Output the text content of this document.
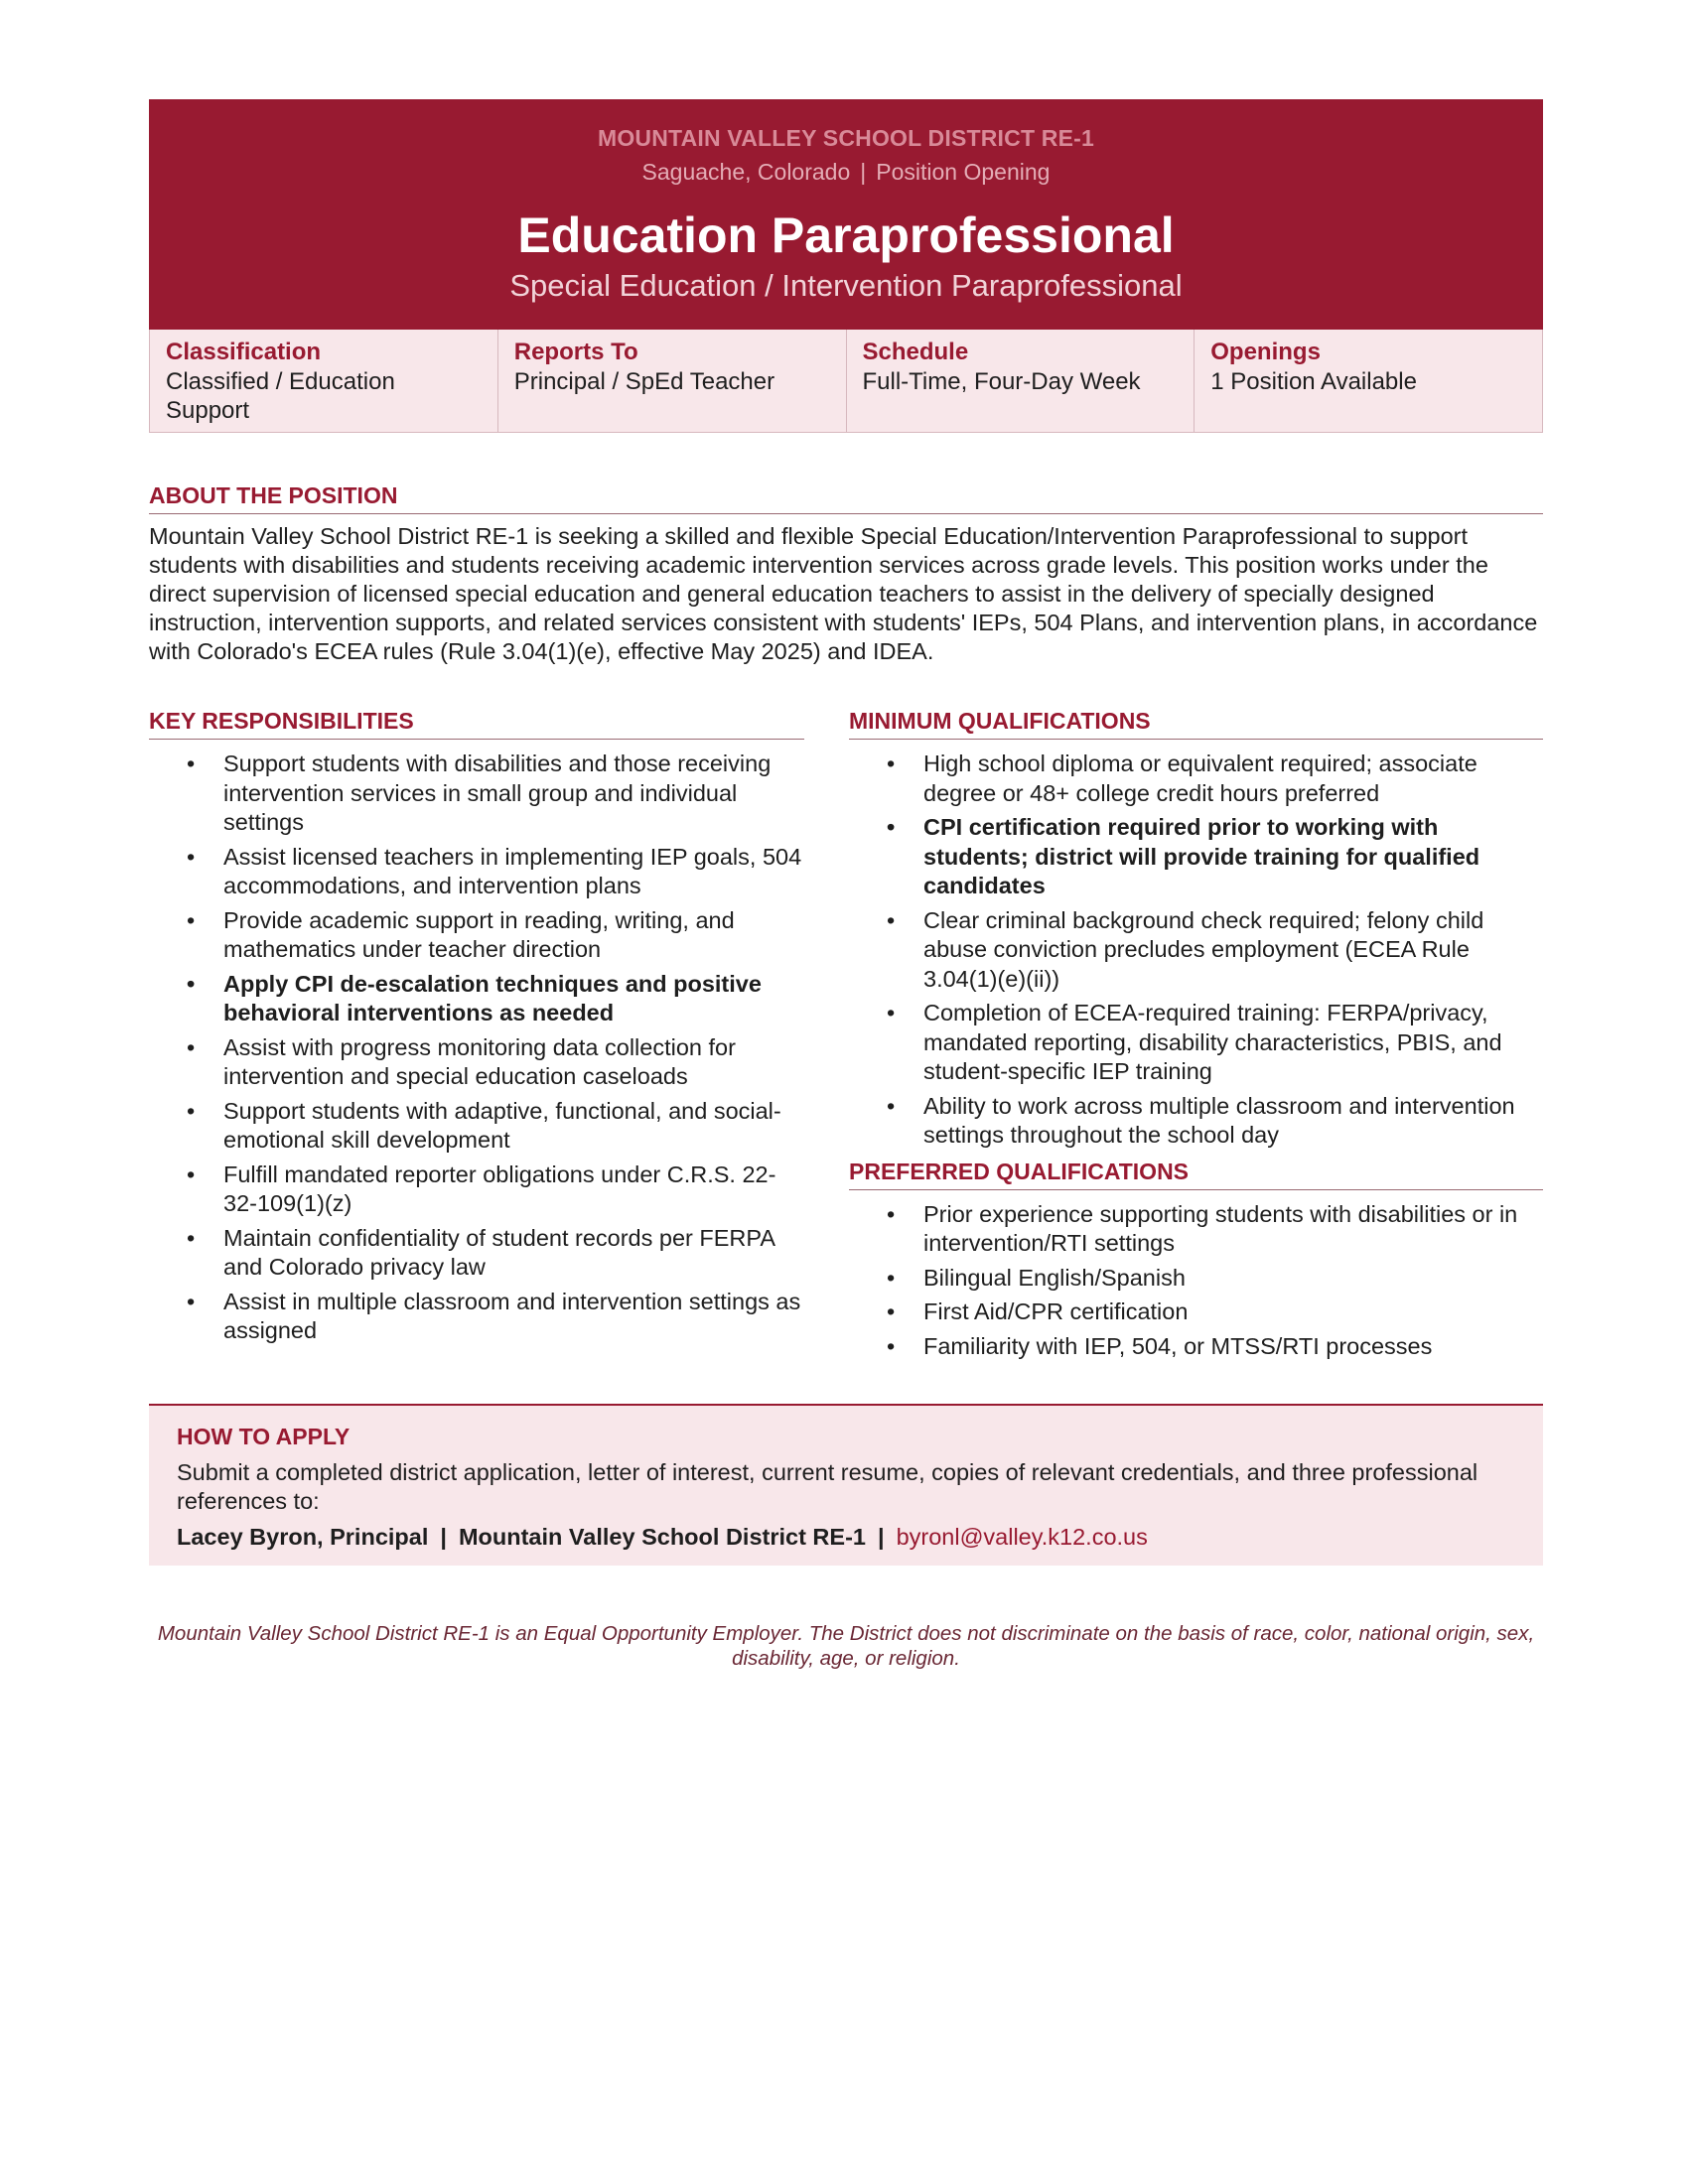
MOUNTAIN VALLEY SCHOOL DISTRICT RE-1
Saguache, Colorado | Position Opening
Education Paraprofessional
Special Education / Intervention Paraprofessional
Classification
Classified / Education Support
Reports To
Principal / SpEd Teacher
Schedule
Full-Time, Four-Day Week
Openings
1 Position Available
ABOUT THE POSITION

Mountain Valley School District RE-1 is seeking a skilled and flexible Special Education/Intervention Paraprofessional to support students with disabilities and students receiving academic intervention services across grade levels. This position works under the direct supervision of licensed special education and general education teachers to assist in the delivery of specially designed instruction, intervention supports, and related services consistent with students' IEPs, 504 Plans, and intervention plans, in accordance with Colorado's ECEA rules (Rule 3.04(1)(e), effective May 2025) and IDEA.

KEY RESPONSIBILITIES
• Support students with disabilities and those receiving intervention services in small group and individual settings
• Assist licensed teachers in implementing IEP goals, 504 accommodations, and intervention plans
• Provide academic support in reading, writing, and mathematics under teacher direction
• Apply CPI de-escalation techniques and positive behavioral interventions as needed
• Assist with progress monitoring data collection for intervention and special education caseloads
• Support students with adaptive, functional, and social-emotional skill development
• Fulfill mandated reporter obligations under C.R.S. 22-32-109(1)(z)
• Maintain confidentiality of student records per FERPA and Colorado privacy law
• Assist in multiple classroom and intervention settings as assigned
MINIMUM QUALIFICATIONS
• High school diploma or equivalent required; associate degree or 48+ college credit hours preferred
• CPI certification required prior to working with students; district will provide training for qualified candidates
• Clear criminal background check required; felony child abuse conviction precludes employment (ECEA Rule 3.04(1)(e)(ii))
• Completion of ECEA-required training: FERPA/privacy, mandated reporting, disability characteristics, PBIS, and student-specific IEP training
• Ability to work across multiple classroom and intervention settings throughout the school day
PREFERRED QUALIFICATIONS
• Prior experience supporting students with disabilities or in intervention/RTI settings
• Bilingual English/Spanish
• First Aid/CPR certification
• Familiarity with IEP, 504, or MTSS/RTI processes
HOW TO APPLY
Submit a completed district application, letter of interest, current resume, copies of relevant credentials, and three professional references to:
Lacey Byron, Principal | Mountain Valley School District RE-1 | byronl@valley.k12.co.us
Mountain Valley School District RE-1 is an Equal Opportunity Employer. The District does not discriminate on the basis of race, color, national origin, sex, disability, age, or religion.
